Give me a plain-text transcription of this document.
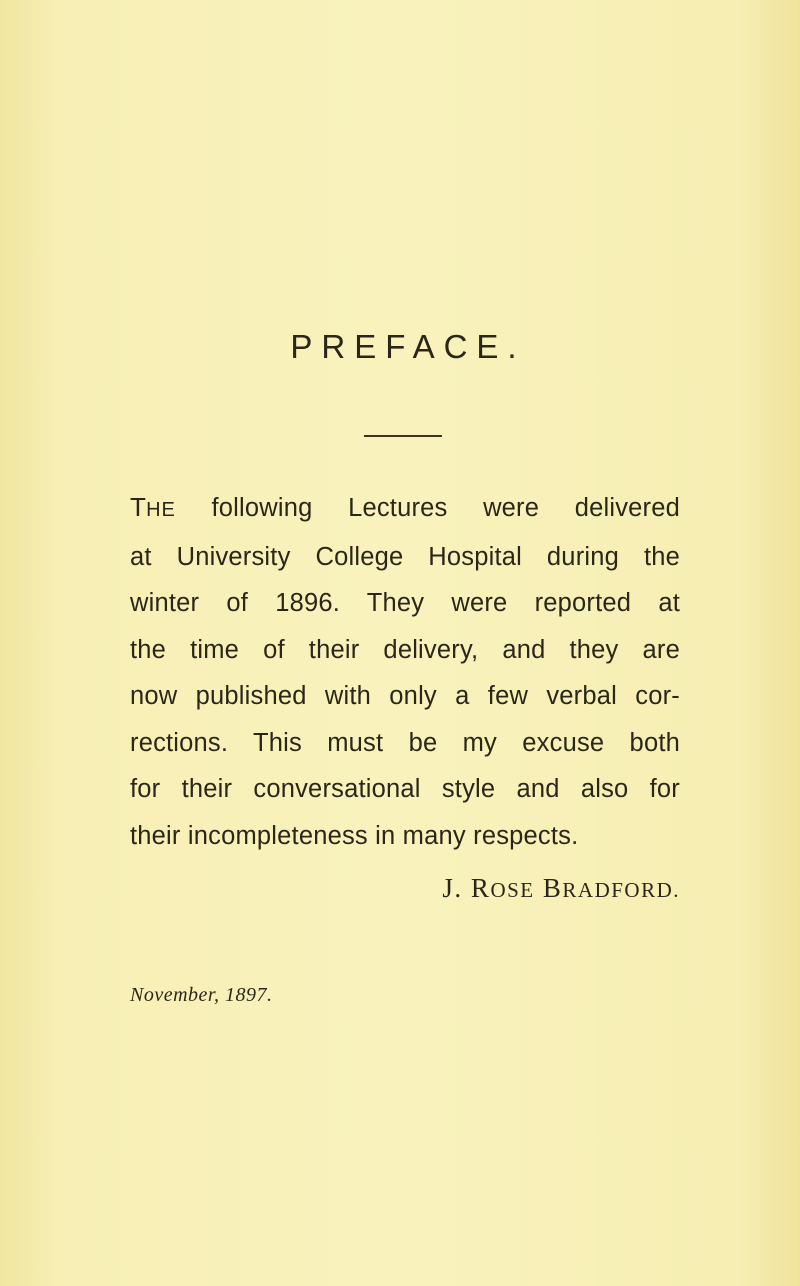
PREFACE.
THE following Lectures were delivered
at University College Hospital during the
winter of 1896. They were reported at
the time of their delivery, and they are
now published with only a few verbal cor-
rections. This must be my excuse both
for their conversational style and also for
their incompleteness in many respects.
J. ROSE BRADFORD.
November, 1897.
